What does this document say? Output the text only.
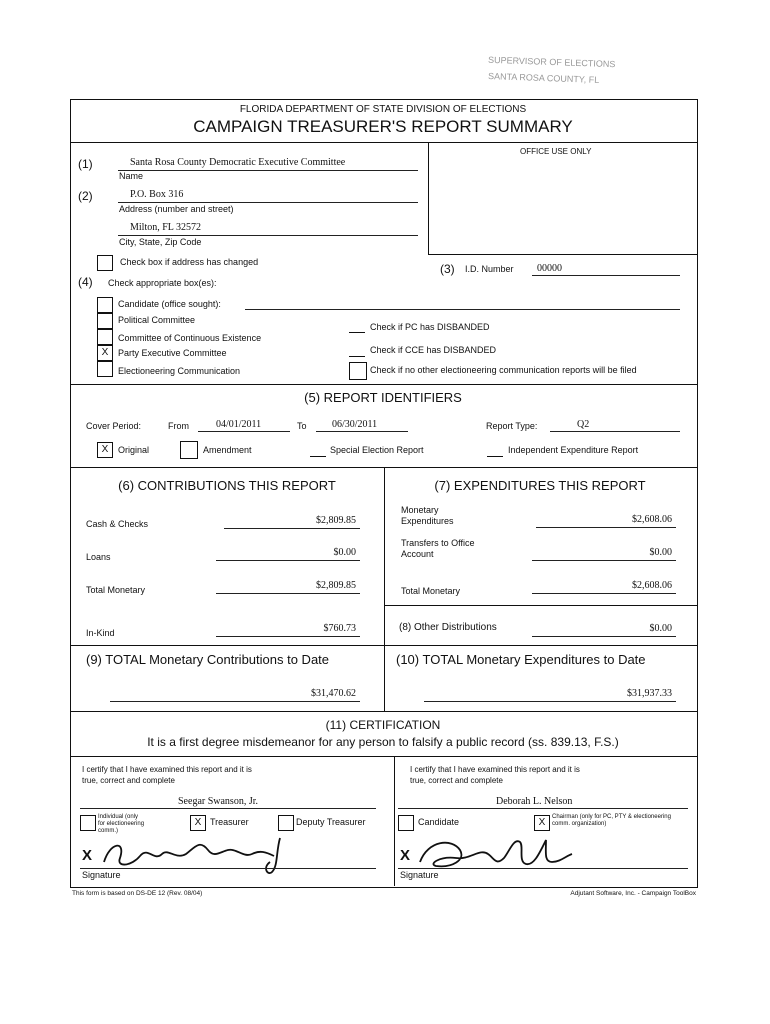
SUPERVISOR OF ELECTIONS
SANTA ROSA COUNTY, FL
FLORIDA DEPARTMENT OF STATE DIVISION OF ELECTIONS
CAMPAIGN TREASURER'S REPORT SUMMARY
OFFICE USE ONLY
(1)	Santa Rosa County Democratic Executive Committee
Name
(2)	P.O. Box 316
Address (number and street)
Milton, FL 32572
City, State, Zip Code
Check box if address has changed	(3) I.D. Number 00000
(4) Check appropriate box(es):
Candidate (office sought):
Political Committee
Committee of Continuous Existence
X	Party Executive Committee
Electioneering Communication
Check if PC has DISBANDED
Check if CCE has DISBANDED
Check if no other electioneering communication reports will be filed
(5) REPORT IDENTIFIERS
Cover Period:	From	04/01/2011	To	06/30/2011	Report Type:	Q2
X	Original	Amendment	Special Election Report	Independent Expenditure Report
(6) CONTRIBUTIONS THIS REPORT
Cash & Checks	$2,809.85
Loans	$0.00
Total Monetary	$2,809.85
In-Kind	$760.73
(7) EXPENDITURES THIS REPORT
Monetary
Expenditures	$2,608.06
Transfers to Office
Account	$0.00
Total Monetary	$2,608.06
(8) Other Distributions	$0.00
(9) TOTAL Monetary Contributions to Date
$31,470.62
(10) TOTAL Monetary Expenditures to Date
$31,937.33
(11) CERTIFICATION
It is a first degree misdemeanor for any person to falsify a public record (ss. 839.13, F.S.)
I certify that I have examined this report and it is
true, correct and complete
I certify that I have examined this report and it is
true, correct and complete
Seegar Swanson, Jr.	Deborah L. Nelson
Individual (only for electioneering comm.)
X Treasurer	Deputy Treasurer	Candidate	X	Chairman (only for PC, PTY & electioneering comm. organization)
X
Signature
X
Signature
This form is based on DS-DE 12 (Rev. 08/04)	Adjutant Software, Inc. - Campaign ToolBox
